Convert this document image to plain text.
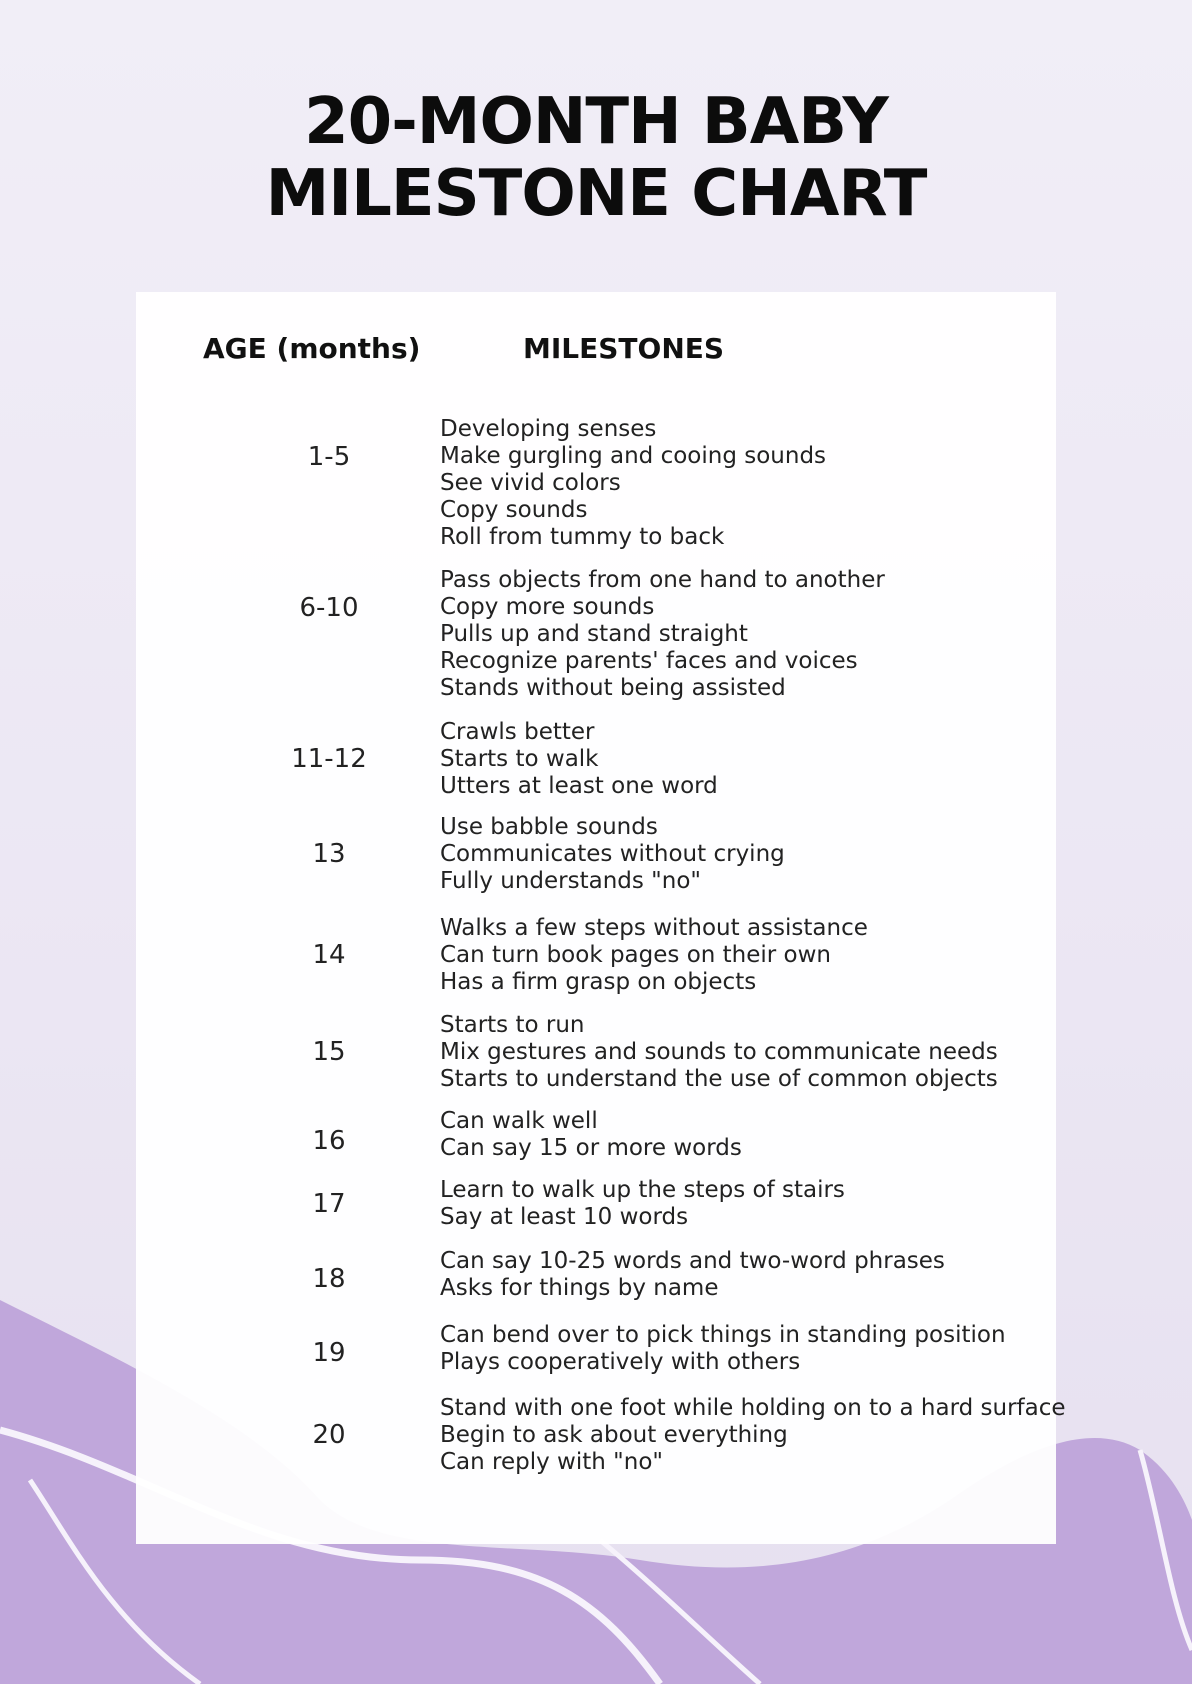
20-MONTH BABY
MILESTONE CHART
AGE (months)	MILESTONES
1-5
Developing senses
Make gurgling and cooing sounds
See vivid colors
Copy sounds
Roll from tummy to back
6-10
Pass objects from one hand to another
Copy more sounds
Pulls up and stand straight
Recognize parents' faces and voices
Stands without being assisted
11-12
Crawls better
Starts to walk
Utters at least one word
13
Use babble sounds
Communicates without crying
Fully understands "no"
14
Walks a few steps without assistance
Can turn book pages on their own
Has a firm grasp on objects
15
Starts to run
Mix gestures and sounds to communicate needs
Starts to understand the use of common objects
16
Can walk well
Can say 15 or more words
17	Learn to walk up the steps of stairs
Say at least 10 words
18
Can say 10-25 words and two-word phrases
Asks for things by name
19
Can bend over to pick things in standing position
Plays cooperatively with others
20
Stand with one foot while holding on to a hard surface
Begin to ask about everything
Can reply with "no"
